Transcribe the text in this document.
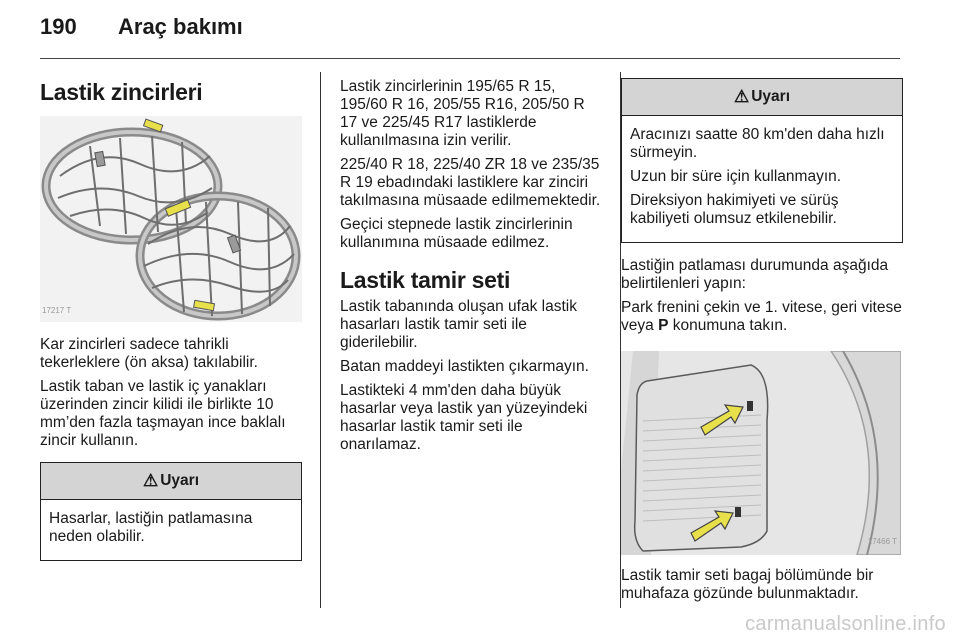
190 Araç bakımı
Lastik zincirleri
17217 T

Kar zincirleri sadece tahrikli tekerleklere (ön aksa) takılabilir.

Lastik taban ve lastik iç yanakları üzerinden zincir kilidi ile birlikte 10 mm’den fazla taşmayan ince baklalı zincir kullanın.

⚠ Uyarı

Hasarlar, lastiğin patlamasına neden olabilir.

Lastik zincirlerinin 195/65 R 15, 195/60 R 16, 205/55 R16, 205/50 R 17 ve 225/45 R17 lastiklerde kullanılmasına izin verilir.

225/40 R 18, 225/40 ZR 18 ve 235/35 R 19 ebadındaki lastiklere kar zinciri takılmasına müsaade edilmemektedir.

Geçici stepnede lastik zincirlerinin kullanımına müsaade edilmez.

Lastik tamir seti

Lastik tabanında oluşan ufak lastik hasarları lastik tamir seti ile giderilebilir.

Batan maddeyi lastikten çıkarmayın.

Lastikteki 4 mm'den daha büyük hasarlar veya lastik yan yüzeyindeki hasarlar lastik tamir seti ile onarılamaz.

⚠ Uyarı

Aracınızı saatte 80 km'den daha hızlı sürmeyin.

Uzun bir süre için kullanmayın.

Direksiyon hakimiyeti ve sürüş kabiliyeti olumsuz etkilenebilir.

Lastiğin patlaması durumunda aşağıda belirtilenleri yapın:

Park frenini çekin ve 1. vitese, geri vitese veya P konumuna takın.

17466 T

Lastik tamir seti bagaj bölümünde bir muhafaza gözünde bulunmaktadır.

carmanualsonline.info
